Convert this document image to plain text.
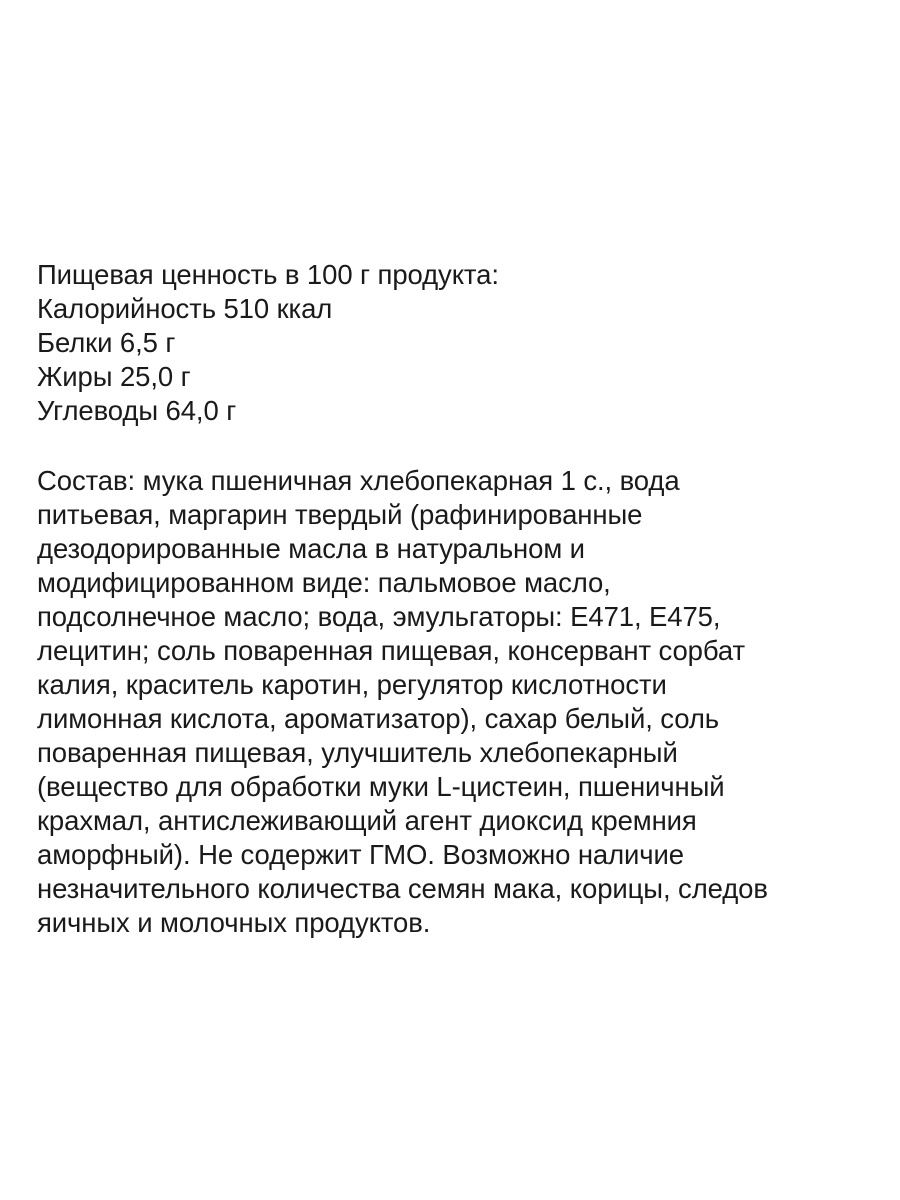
Пищевая ценность в 100 г продукта:
Калорийность 510 ккал
Белки 6,5 г
Жиры 25,0 г
Углеводы 64,0 г
Состав: мука пшеничная хлебопекарная 1 с., вода
питьевая, маргарин твердый (рафинированные
дезодорированные масла в натуральном и
модифицированном виде: пальмовое масло,
подсолнечное масло; вода, эмульгаторы: Е471, Е475,
лецитин; соль поваренная пищевая, консервант сорбат
калия, краситель каротин, регулятор кислотности
лимонная кислота, ароматизатор), сахар белый, соль
поваренная пищевая, улучшитель хлебопекарный
(вещество для обработки муки L-цистеин, пшеничный
крахмал, антислеживающий агент диоксид кремния
аморфный). Не содержит ГМО. Возможно наличие
незначительного количества семян мака, корицы, следов
яичных и молочных продуктов.
